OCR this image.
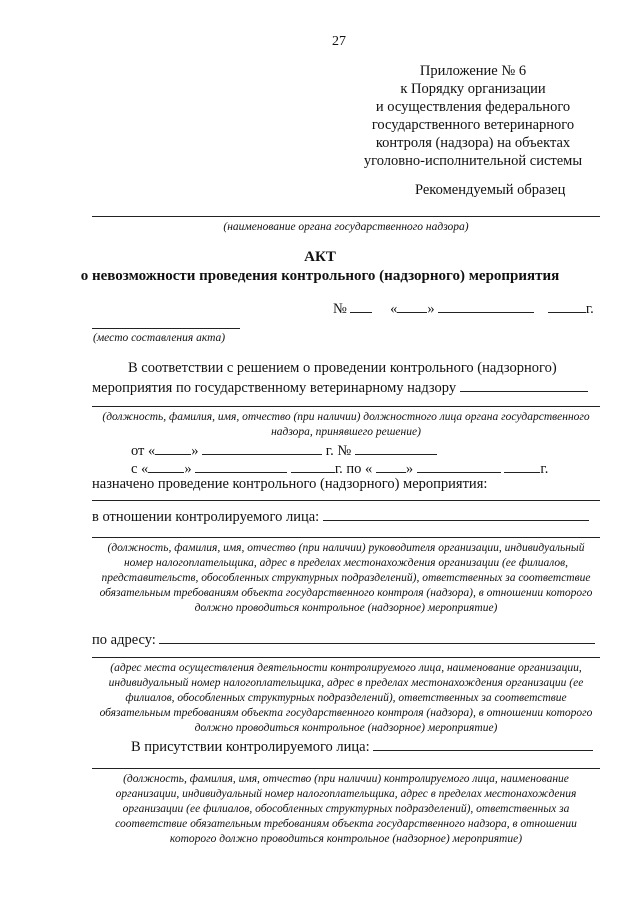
27
Приложение № 6
к Порядку организации
и осуществления федерального
государственного ветеринарного
контроля (надзора) на объектах
уголовно-исполнительной системы
Рекомендуемый образец
(наименование органа государственного надзора)
АКТ
о невозможности проведения контрольного (надзорного) мероприятия
№	« »	г.
(место составления акта)
В соответствии с решением о проведении контрольного (надзорного)
мероприятия по государственному ветеринарному надзору
(должность, фамилия, имя, отчество (при наличии) должностного лица органа государственного надзора, принявшего решение)
от « »	г. №
с « »	г. по « »	г.
назначено проведение контрольного (надзорного) мероприятия:
в отношении контролируемого лица:
(должность, фамилия, имя, отчество (при наличии) руководителя организации, индивидуальный номер налогоплательщика, адрес в пределах местонахождения организации (ее филиалов, представительств, обособленных структурных подразделений), ответственных за соответствие обязательным требованиям объекта государственного контроля (надзора), в отношении которого должно проводиться контрольное (надзорное) мероприятие)
по адресу:
(адрес места осуществления деятельности контролируемого лица, наименование организации, индивидуальный номер налогоплательщика, адрес в пределах местонахождения организации (ее филиалов, обособленных структурных подразделений), ответственных за соответствие обязательным требованиям объекта государственного контроля (надзора), в отношении которого должно проводиться контрольное (надзорное) мероприятие)
В присутствии контролируемого лица:
(должность, фамилия, имя, отчество (при наличии) контролируемого лица, наименование организации, индивидуальный номер налогоплательщика, адрес в пределах местонахождения организации (ее филиалов, обособленных структурных подразделений), ответственных за соответствие обязательным требованиям объекта государственного надзора, в отношении которого должно проводиться контрольное (надзорное) мероприятие)
